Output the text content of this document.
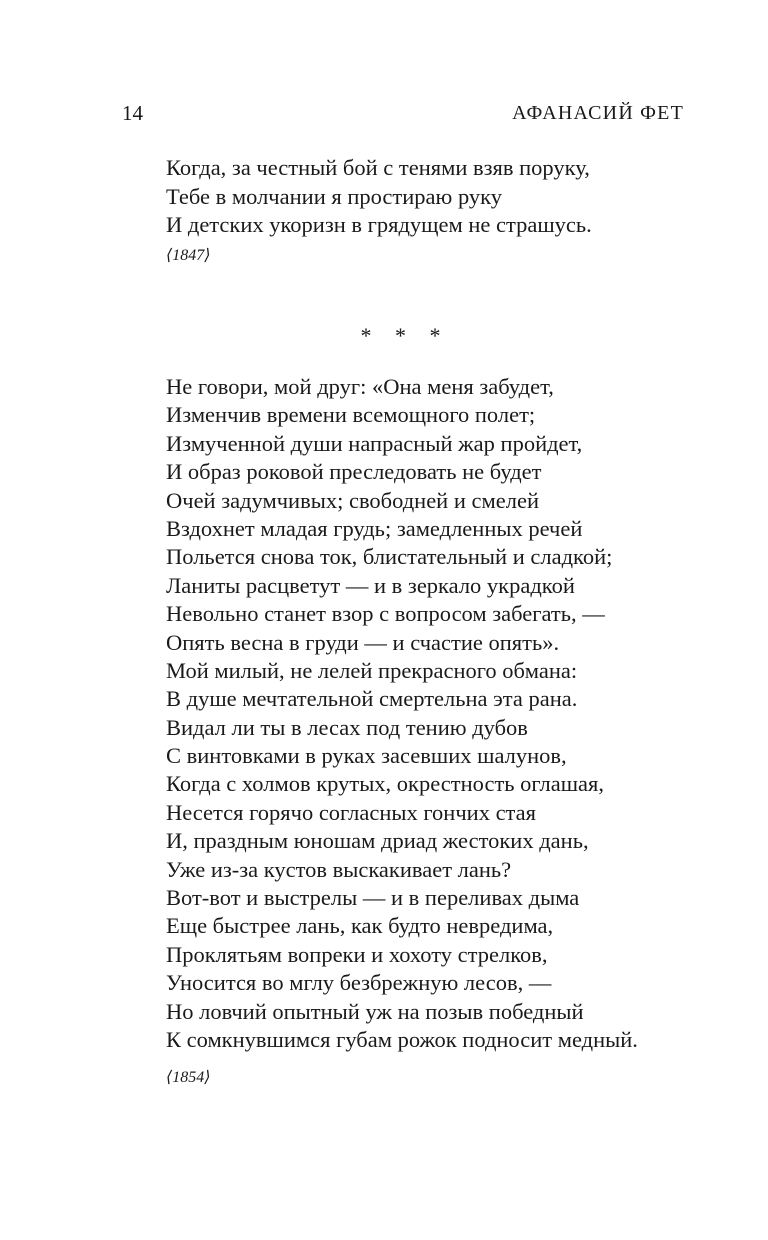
14	АФАНАСИЙ ФЕТ
Когда, за честный бой с тенями взяв поруку,
Тебе в молчании я простираю руку
И детских укоризн в грядущем не страшусь.
⟨1847⟩
* * *
Не говори, мой друг: «Она меня забудет,
Изменчив времени всемощного полет;
Измученной души напрасный жар пройдет,
И образ роковой преследовать не будет
Очей задумчивых; свободней и смелей
Вздохнет младая грудь; замедленных речей
Польется снова ток, блистательный и сладкой;
Ланиты расцветут — и в зеркало украдкой
Невольно станет взор с вопросом забегать, —
Опять весна в груди — и счастие опять».
Мой милый, не лелей прекрасного обмана:
В душе мечтательной смертельна эта рана.
Видал ли ты в лесах под тению дубов
С винтовками в руках засевших шалунов,
Когда с холмов крутых, окрестность оглашая,
Несется горячо согласных гончих стая
И, праздным юношам дриад жестоких дань,
Уже из-за кустов выскакивает лань?
Вот-вот и выстрелы — и в переливах дыма
Еще быстрее лань, как будто невредима,
Проклятьям вопреки и хохоту стрелков,
Уносится во мглу безбрежную лесов, —
Но ловчий опытный уж на позыв победный
К сомкнувшимся губам рожок подносит медный.
⟨1854⟩
